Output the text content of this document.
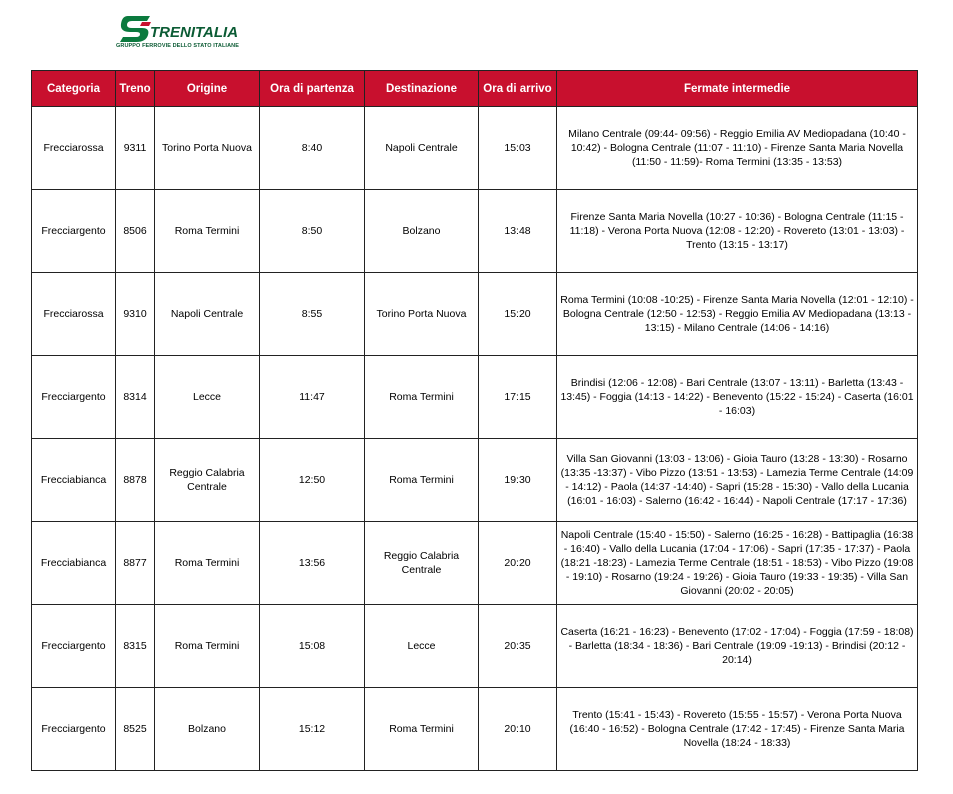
TRENITALIA
GRUPPO FERROVIE DELLO STATO ITALIANE
Categoria	Treno	Origine	Ora di partenza	Destinazione	Ora di arrivo	Fermate intermedie
Frecciarossa	9311	Torino Porta Nuova	8:40	Napoli Centrale	15:03	Milano Centrale (09:44- 09:56) - Reggio Emilia AV Mediopadana (10:40 - 10:42) - Bologna Centrale (11:07 - 11:10) - Firenze Santa Maria Novella (11:50 - 11:59)- Roma Termini (13:35 - 13:53)
Frecciargento	8506	Roma Termini	8:50	Bolzano	13:48	Firenze Santa Maria Novella (10:27 - 10:36) - Bologna Centrale (11:15 - 11:18) - Verona Porta Nuova (12:08 - 12:20) - Rovereto (13:01 - 13:03) - Trento (13:15 - 13:17)
Frecciarossa	9310	Napoli Centrale	8:55	Torino Porta Nuova	15:20	Roma Termini (10:08 -10:25) - Firenze Santa Maria Novella (12:01 - 12:10) - Bologna Centrale (12:50 - 12:53) - Reggio Emilia AV Mediopadana (13:13 - 13:15) - Milano Centrale (14:06 - 14:16)
Frecciargento	8314	Lecce	11:47	Roma Termini	17:15	Brindisi (12:06 - 12:08) - Bari Centrale (13:07 - 13:11) - Barletta (13:43 - 13:45) - Foggia (14:13 - 14:22) - Benevento (15:22 - 15:24) - Caserta (16:01 - 16:03)
Frecciabianca	8878	Reggio Calabria Centrale	12:50	Roma Termini	19:30	Villa San Giovanni (13:03 - 13:06) - Gioia Tauro (13:28 - 13:30) - Rosarno (13:35 -13:37) - Vibo Pizzo (13:51 - 13:53) - Lamezia Terme Centrale (14:09 - 14:12) - Paola (14:37 -14:40) - Sapri (15:28 - 15:30) - Vallo della Lucania (16:01 - 16:03) - Salerno (16:42 - 16:44) - Napoli Centrale (17:17 - 17:36)
Frecciabianca	8877	Roma Termini	13:56	Reggio Calabria Centrale	20:20	Napoli Centrale (15:40 - 15:50) - Salerno (16:25 - 16:28) - Battipaglia (16:38 - 16:40) - Vallo della Lucania (17:04 - 17:06) - Sapri (17:35 - 17:37) - Paola (18:21 -18:23) - Lamezia Terme Centrale (18:51 - 18:53) - Vibo Pizzo (19:08 - 19:10) - Rosarno (19:24 - 19:26) - Gioia Tauro (19:33 - 19:35) - Villa San Giovanni (20:02 - 20:05)
Frecciargento	8315	Roma Termini	15:08	Lecce	20:35	Caserta (16:21 - 16:23) - Benevento (17:02 - 17:04) - Foggia (17:59 - 18:08) - Barletta (18:34 - 18:36) - Bari Centrale (19:09 -19:13) - Brindisi (20:12 - 20:14)
Frecciargento	8525	Bolzano	15:12	Roma Termini	20:10	Trento (15:41 - 15:43) - Rovereto (15:55 - 15:57) - Verona Porta Nuova (16:40 - 16:52) - Bologna Centrale (17:42 - 17:45) - Firenze Santa Maria Novella (18:24 - 18:33)
